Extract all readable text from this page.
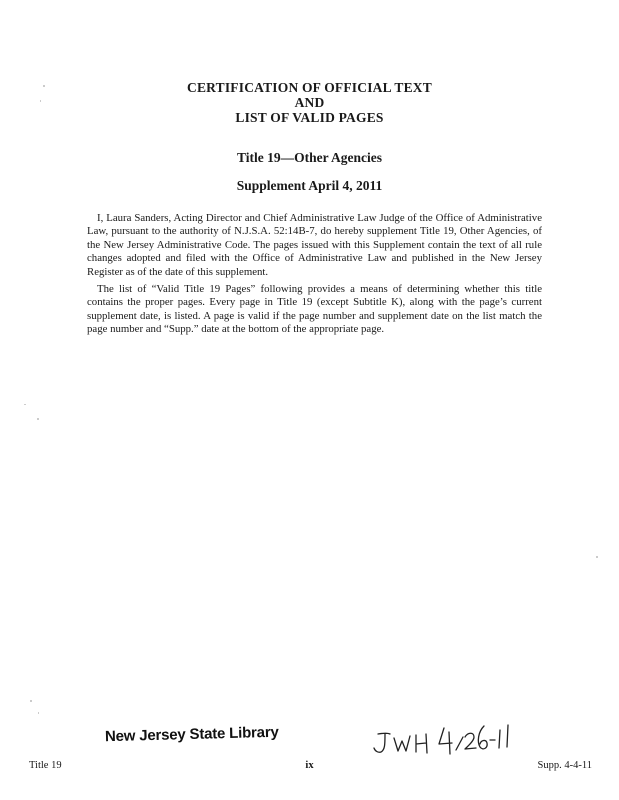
CERTIFICATION OF OFFICIAL TEXT
AND
LIST OF VALID PAGES
Title 19—Other Agencies
Supplement April 4, 2011

I, Laura Sanders, Acting Director and Chief Administrative Law Judge of the Office of Administrative Law, pursuant to the authority of N.J.S.A. 52:14B-7, do hereby supplement Title 19, Other Agencies, of the New Jersey Administrative Code. The pages issued with this Supplement contain the text of all rule changes adopted and filed with the Office of Administrative Law and published in the New Jersey Register as of the date of this supplement.

The list of “Valid Title 19 Pages” following provides a means of determining whether this title contains the proper pages. Every page in Title 19 (except Subtitle K), along with the page’s current supplement date, is listed. A page is valid if the page number and supplement date on the list match the page number and “Supp.” date at the bottom of the appropriate page.

New Jersey State Library
Title 19	ix	Supp. 4-4-11
